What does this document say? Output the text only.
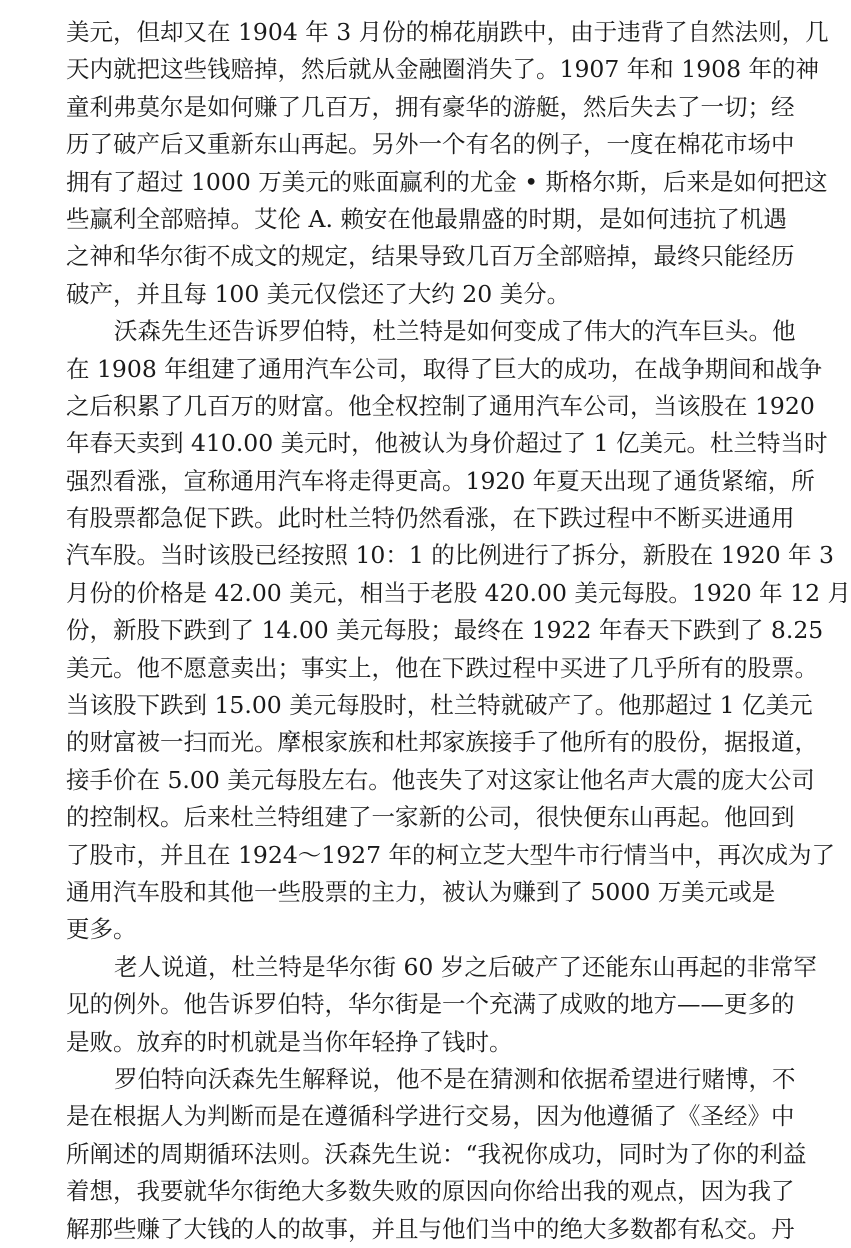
美元，但却又在 1904 年 3 月份的棉花崩跌中，由于违背了自然法则，几
天内就把这些钱赔掉，然后就从金融圈消失了。1907 年和 1908 年的神
童利弗莫尔是如何赚了几百万，拥有豪华的游艇，然后失去了一切；经
历了破产后又重新东山再起。另外一个有名的例子，一度在棉花市场中
拥有了超过 1000 万美元的账面赢利的尤金 • 斯格尔斯，后来是如何把这
些赢利全部赔掉。艾伦 A. 赖安在他最鼎盛的时期，是如何违抗了机遇
之神和华尔街不成文的规定，结果导致几百万全部赔掉，最终只能经历
破产，并且每 100 美元仅偿还了大约 20 美分。
沃森先生还告诉罗伯特，杜兰特是如何变成了伟大的汽车巨头。他
在 1908 年组建了通用汽车公司，取得了巨大的成功，在战争期间和战争
之后积累了几百万的财富。他全权控制了通用汽车公司，当该股在 1920
年春天卖到 410.00 美元时，他被认为身价超过了 1 亿美元。杜兰特当时
强烈看涨，宣称通用汽车将走得更高。1920 年夏天出现了通货紧缩，所
有股票都急促下跌。此时杜兰特仍然看涨，在下跌过程中不断买进通用
汽车股。当时该股已经按照 10：1 的比例进行了拆分，新股在 1920 年 3
月份的价格是 42.00 美元，相当于老股 420.00 美元每股。1920 年 12 月
份，新股下跌到了 14.00 美元每股；最终在 1922 年春天下跌到了 8.25
美元。他不愿意卖出；事实上，他在下跌过程中买进了几乎所有的股票。
当该股下跌到 15.00 美元每股时，杜兰特就破产了。他那超过 1 亿美元
的财富被一扫而光。摩根家族和杜邦家族接手了他所有的股份，据报道，
接手价在 5.00 美元每股左右。他丧失了对这家让他名声大震的庞大公司
的控制权。后来杜兰特组建了一家新的公司，很快便东山再起。他回到
了股市，并且在 1924～1927 年的柯立芝大型牛市行情当中，再次成为了
通用汽车股和其他一些股票的主力，被认为赚到了 5000 万美元或是
更多。
老人说道，杜兰特是华尔街 60 岁之后破产了还能东山再起的非常罕
见的例外。他告诉罗伯特，华尔街是一个充满了成败的地方——更多的
是败。放弃的时机就是当你年轻挣了钱时。
罗伯特向沃森先生解释说，他不是在猜测和依据希望进行赌博，不
是在根据人为判断而是在遵循科学进行交易，因为他遵循了《圣经》中
所阐述的周期循环法则。沃森先生说：“我祝你成功，同时为了你的利益
着想，我要就华尔街绝大多数失败的原因向你给出我的观点，因为我了
解那些赚了大钱的人的故事，并且与他们当中的绝大多数都有私交。丹
